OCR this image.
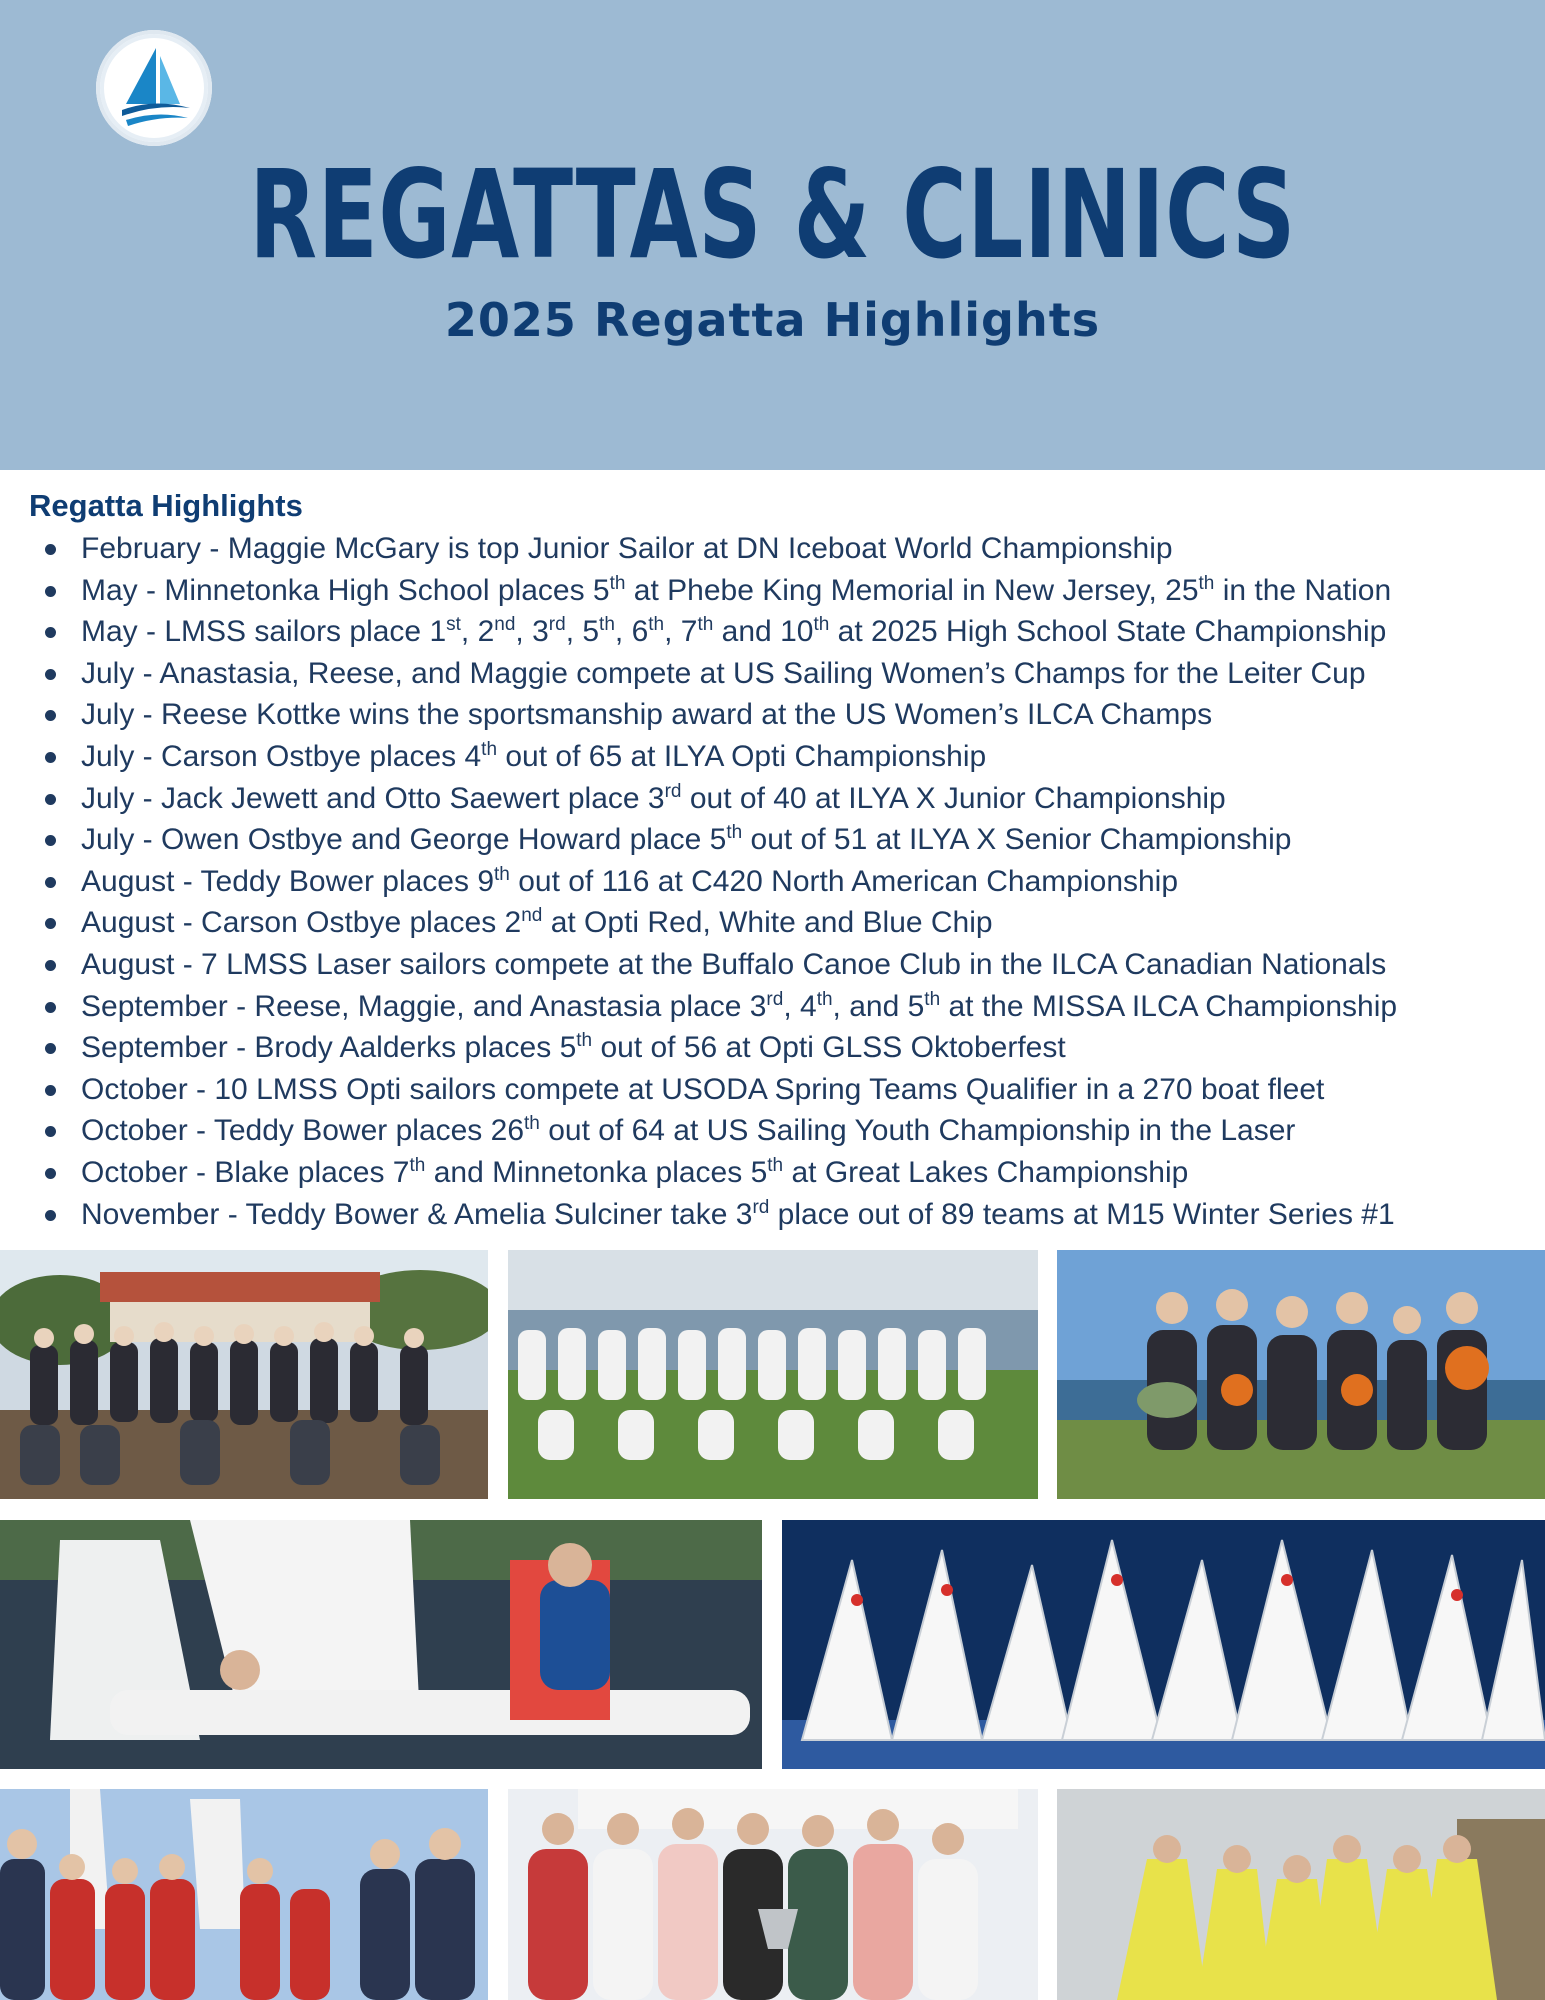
REGATTAS & CLINICS
2025 Regatta Highlights
Regatta Highlights
February - Maggie McGary is top Junior Sailor at DN Iceboat World Championship
May - Minnetonka High School places 5th at Phebe King Memorial in New Jersey, 25th in the Nation
May - LMSS sailors place 1st, 2nd, 3rd, 5th, 6th, 7th and 10th at 2025 High School State Championship
July - Anastasia, Reese, and Maggie compete at US Sailing Women’s Champs for the Leiter Cup
July - Reese Kottke wins the sportsmanship award at the US Women’s ILCA Champs
July - Carson Ostbye places 4th out of 65 at ILYA Opti Championship
July - Jack Jewett and Otto Saewert place 3rd out of 40 at ILYA X Junior Championship
July - Owen Ostbye and George Howard place 5th out of 51 at ILYA X Senior Championship
August - Teddy Bower places 9th out of 116 at C420 North American Championship
August - Carson Ostbye places 2nd at Opti Red, White and Blue Chip
August - 7 LMSS Laser sailors compete at the Buffalo Canoe Club in the ILCA Canadian Nationals
September - Reese, Maggie, and Anastasia place 3rd, 4th, and 5th at the MISSA ILCA Championship
September - Brody Aalderks places 5th out of 56 at Opti GLSS Oktoberfest
October - 10 LMSS Opti sailors compete at USODA Spring Teams Qualifier in a 270 boat fleet
October - Teddy Bower places 26th out of 64 at US Sailing Youth Championship in the Laser
October - Blake places 7th and Minnetonka places 5th at Great Lakes Championship
November - Teddy Bower & Amelia Sulciner take 3rd place out of 89 teams at M15 Winter Series #1
